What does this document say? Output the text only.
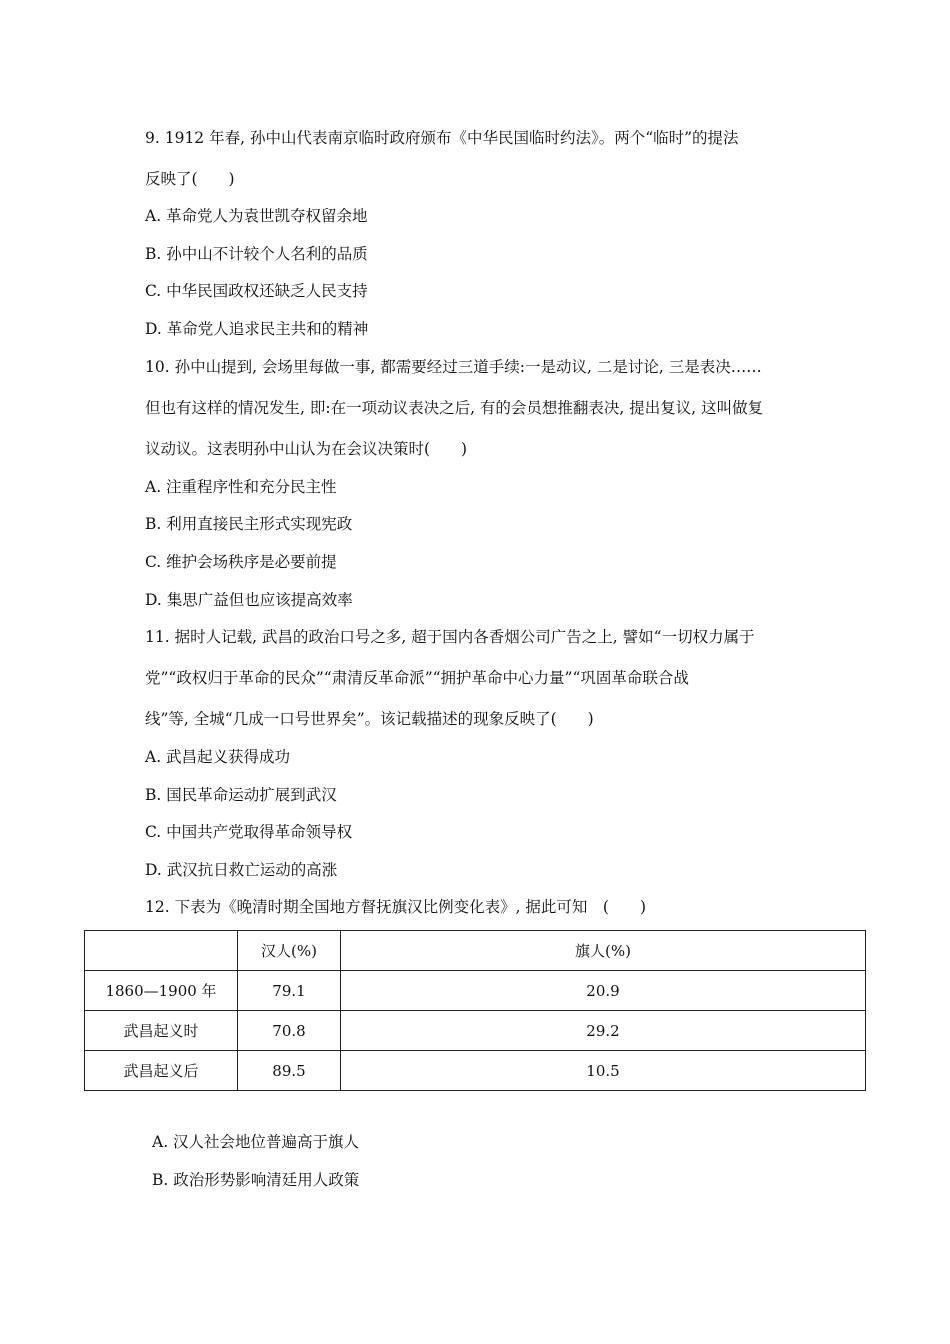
9. 1912 年春, 孙中山代表南京临时政府颁布《中华民国临时约法》。两个“临时”的提法
反映了(　　)
A. 革命党人为袁世凯夺权留余地
B. 孙中山不计较个人名利的品质
C. 中华民国政权还缺乏人民支持
D. 革命党人追求民主共和的精神
10. 孙中山提到, 会场里每做一事, 都需要经过三道手续:一是动议, 二是讨论, 三是表决……
但也有这样的情况发生, 即:在一项动议表决之后, 有的会员想推翻表决, 提出复议, 这叫做复
议动议。这表明孙中山认为在会议决策时(　　)
A. 注重程序性和充分民主性
B. 利用直接民主形式实现宪政
C. 维护会场秩序是必要前提
D. 集思广益但也应该提高效率
11. 据时人记载, 武昌的政治口号之多, 超于国内各香烟公司广告之上, 譬如“一切权力属于
党”“政权归于革命的民众”“肃清反革命派”“拥护革命中心力量”“巩固革命联合战
线”等, 全城“几成一口号世界矣”。该记载描述的现象反映了(　　)
A. 武昌起义获得成功
B. 国民革命运动扩展到武汉
C. 中国共产党取得革命领导权
D. 武汉抗日救亡运动的高涨
12. 下表为《晚清时期全国地方督抚旗汉比例变化表》, 据此可知　(　　)
	汉人(%)	旗人(%)
1860—1900 年	79.1	20.9
武昌起义时	70.8	29.2
武昌起义后	89.5	10.5
A. 汉人社会地位普遍高于旗人
B. 政治形势影响清廷用人政策
